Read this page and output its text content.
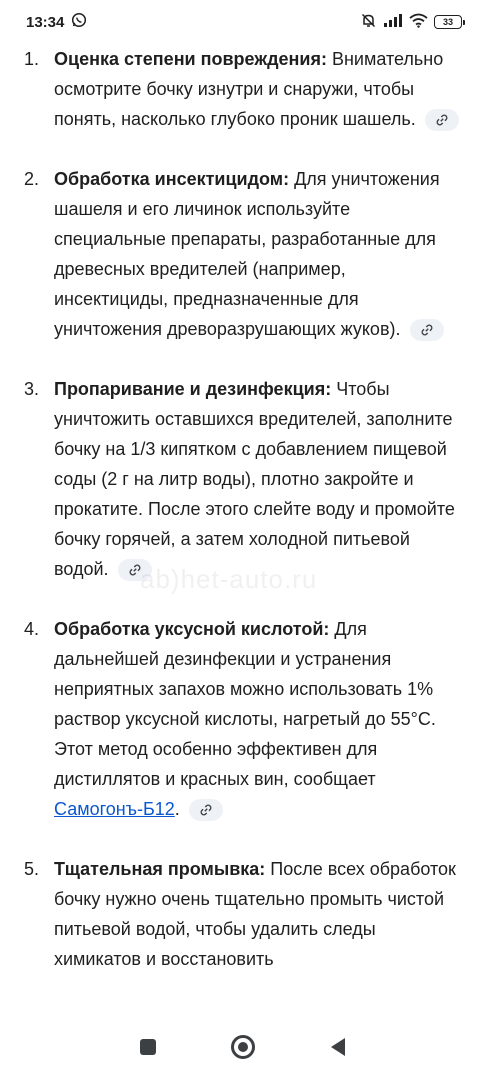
13:34	33
1. Оценка степени повреждения: Внимательно осмотрите бочку изнутри и снаружи, чтобы понять, насколько глубоко проник шашель.
2. Обработка инсектицидом: Для уничтожения шашеля и его личинок используйте специальные препараты, разработанные для древесных вредителей (например, инсектициды, предназначенные для уничтожения древоразрушающих жуков).
3. Пропаривание и дезинфекция: Чтобы уничтожить оставшихся вредителей, заполните бочку на 1/3 кипятком с добавлением пищевой соды (2 г на литр воды), плотно закройте и прокатите. После этого слейте воду и промойте бочку горячей, а затем холодной питьевой водой.
4. Обработка уксусной кислотой: Для дальнейшей дезинфекции и устранения неприятных запахов можно использовать 1% раствор уксусной кислоты, нагретый до 55°C. Этот метод особенно эффективен для дистиллятов и красных вин, сообщает Самогонъ-Б12.
5. Тщательная промывка: После всех обработок бочку нужно очень тщательно промыть чистой питьевой водой, чтобы удалить следы химикатов и восстановить
ab)het-auto.ru
